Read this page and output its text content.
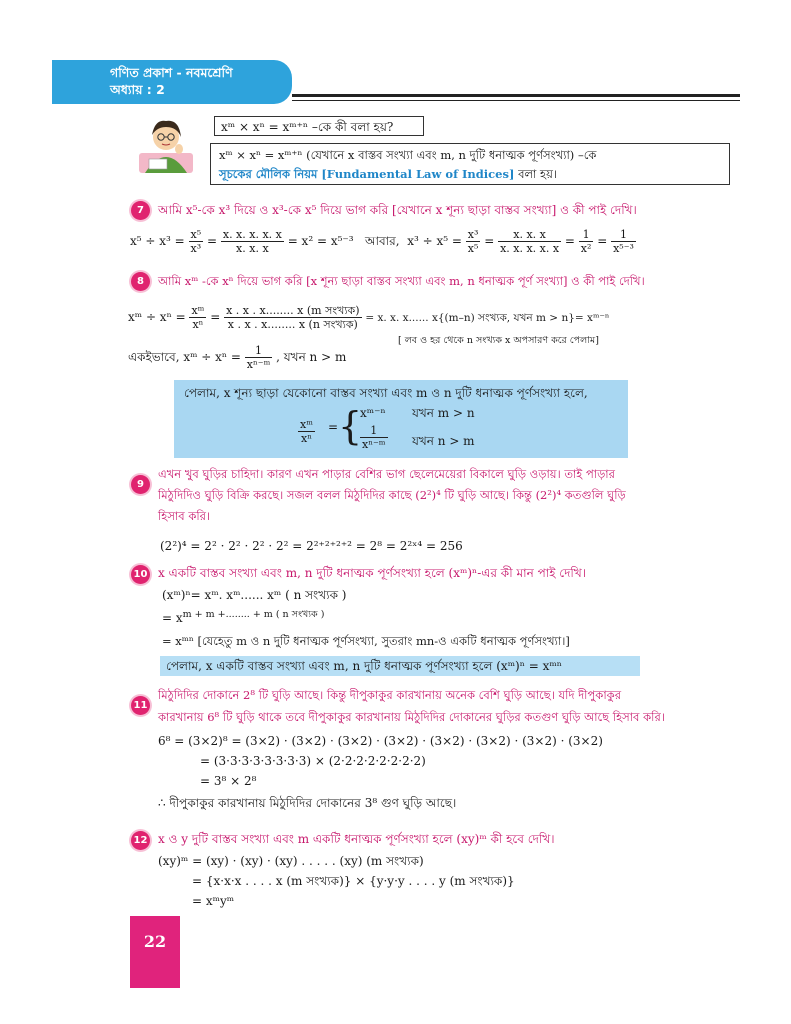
গণিত প্রকাশ - নবমশ্রেণি
অধ্যায় : 2
xᵐ × xⁿ = xᵐ⁺ⁿ –কে কী বলা হয়?
xᵐ × xⁿ = xᵐ⁺ⁿ (যেখানে x বাস্তব সংখ্যা এবং m, n দুটি ধনাত্মক পূর্ণসংখ্যা) –কে
সূচকের মৌলিক নিয়ম [Fundamental Law of Indices] বলা হয়।
7	আমি x⁵-কে x³ দিয়ে ও x³-কে x⁵ দিয়ে ভাগ করি [যেখানে x শূন্য ছাড়া বাস্তব সংখ্যা] ও কী পাই দেখি।
$x^5 \div x^3 = \frac{\text{x⁵}}{\text{x³}} = \frac{x. x. x. x. x}{x. x. x} = x^2 = x^{5-3}$ আবার, $x^3 \div x^5 = \frac{\text{x³}}{\text{x⁵}} = \frac{x. x. x}{x. x. x. x. x} = \frac{1}{\text{x²}} = \frac{1}{\text{x⁵⁻³}}$
8	আমি xᵐ -কে xⁿ দিয়ে ভাগ করি [x শূন্য ছাড়া বাস্তব সংখ্যা এবং m, n ধনাত্মক পূর্ণ সংখ্যা] ও কী পাই দেখি।
xᵐ ÷ $x^n = \frac{\text{xᵐ}}{\text{xⁿ}} = \frac{\text{x . x . x........ x (m সংখ্যক)}}{\text{x . x . x........ x (n সংখ্যক)}} = x$. x. x...... x{(m–n) সংখ্যক, যখন m > n}= xᵐ⁻ⁿ
[ লব ও হর থেকে n সংখ্যক x অপসারণ করে পেলাম]
একইভাবে, xᵐ ÷ $x^n = \frac{1}{\text{xⁿ⁻ᵐ}}$ , যখন n > m
পেলাম, x শূন্য ছাড়া যেকোনো বাস্তব সংখ্যা এবং m ও n দুটি ধনাত্মক পূর্ণসংখ্যা হলে,
$\frac{\text{xᵐ}}{\text{xⁿ}}$ = {
xᵐ⁻ⁿ যখন m > n
$\frac{1}{\text{xⁿ⁻ᵐ}}$ যখন n > m
9
এখন খুব ঘুড়ির চাহিদা। কারণ এখন পাড়ার বেশির ভাগ ছেলেমেয়েরা বিকালে ঘুড়ি ওড়ায়। তাই পাড়ার
মিঠুদিদিও ঘুড়ি বিক্রি করছে। সজল বলল মিঠুদিদির কাছে (2²)⁴ টি ঘুড়ি আছে। কিন্তু (2²)⁴ কতগুলি ঘুড়ি
হিসাব করি।
(2²)⁴ = 2² · 2² · 2² · 2² = 2²⁺²⁺²⁺² = 2⁸ = 2²ˣ⁴ = 256
10 x একটি বাস্তব সংখ্যা এবং m, n দুটি ধনাত্মক পূর্ণসংখ্যা হলে (xᵐ)ⁿ-এর কী মান পাই দেখি।
(xᵐ)ⁿ= xᵐ. xᵐ...... xᵐ ( n সংখ্যক )
= $x^{m + m +........ + m ( n সংখ্যক )}$
= xᵐⁿ [যেহেতু m ও n দুটি ধনাত্মক পূর্ণসংখ্যা, সুতরাং mn-ও একটি ধনাত্মক পূর্ণসংখ্যা।]
পেলাম, x একটি বাস্তব সংখ্যা এবং m, n দুটি ধনাত্মক পূর্ণসংখ্যা হলে (xᵐ)ⁿ = xᵐⁿ
11
মিঠুদিদির দোকানে 2⁸ টি ঘুড়ি আছে। কিন্তু দীপুকাকুর কারখানায় অনেক বেশি ঘুড়ি আছে। যদি দীপুকাকুর
কারখানায় 6⁸ টি ঘুড়ি থাকে তবে দীপুকাকুর কারখানায় মিঠুদিদির দোকানের ঘুড়ির কতগুণ ঘুড়ি আছে হিসাব করি।
6⁸ = (3×2)⁸ = (3×2) · (3×2) · (3×2) · (3×2) · (3×2) · (3×2) · (3×2) · (3×2)
= (3·3·3·3·3·3·3·3) × (2·2·2·2·2·2·2·2)
= 3⁸ × 2⁸
∴ দীপুকাকুর কারখানায় মিঠুদিদির দোকানের 3⁸ গুণ ঘুড়ি আছে।
12 x ও y দুটি বাস্তব সংখ্যা এবং m একটি ধনাত্মক পূর্ণসংখ্যা হলে (xy)ᵐ কী হবে দেখি।
(xy)ᵐ = (xy) · (xy) · (xy) . . . . . (xy) (m সংখ্যক)
= {x·x·x . . . . x (m সংখ্যক)} × {y·y·y . . . . y (m সংখ্যক)}
= xᵐyᵐ
22
